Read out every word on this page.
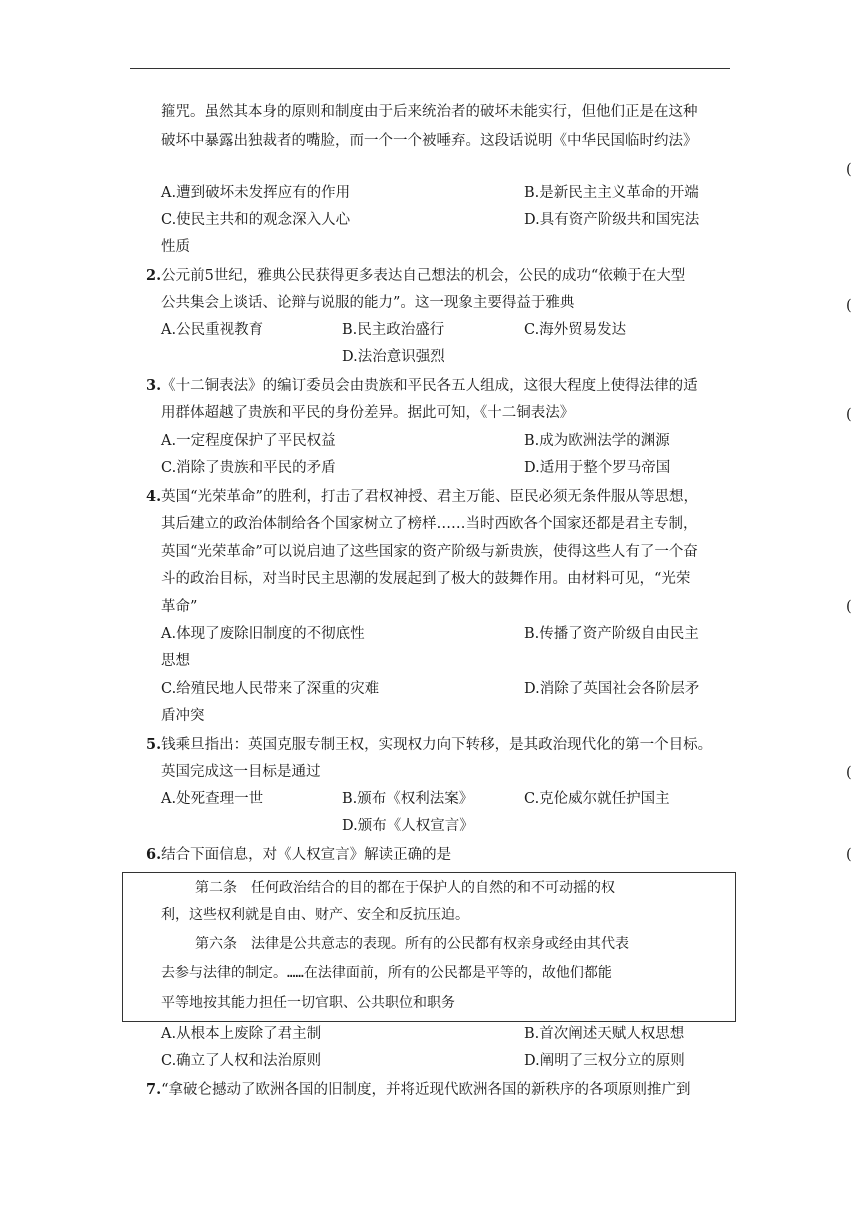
箍咒。虽然其本身的原则和制度由于后来统治者的破坏未能实行，但他们正是在这种
破坏中暴露出独裁者的嘴脸，而一个一个被唾弃。这段话说明《中华民国临时约法》
(
A.遭到破坏未发挥应有的作用	B.是新民主主义革命的开端
C.使民主共和的观念深入人心	D.具有资产阶级共和国宪法
性质
2.公元前5世纪，雅典公民获得更多表达自己想法的机会，公民的成功“依赖于在大型
公共集会上谈话、论辩与说服的能力”。这一现象主要得益于雅典	(
A.公民重视教育	B.民主政治盛行	C.海外贸易发达
D.法治意识强烈
3.《十二铜表法》的编订委员会由贵族和平民各五人组成，这很大程度上使得法律的适
用群体超越了贵族和平民的身份差异。据此可知，《十二铜表法》	(
A.一定程度保护了平民权益	B.成为欧洲法学的渊源
C.消除了贵族和平民的矛盾	D.适用于整个罗马帝国
4.英国“光荣革命”的胜利，打击了君权神授、君主万能、臣民必须无条件服从等思想，
其后建立的政治体制给各个国家树立了榜样……当时西欧各个国家还都是君主专制，
英国“光荣革命”可以说启迪了这些国家的资产阶级与新贵族，使得这些人有了一个奋
斗的政治目标，对当时民主思潮的发展起到了极大的鼓舞作用。由材料可见，“光荣
革命”	(
A.体现了废除旧制度的不彻底性	B.传播了资产阶级自由民主
思想
C.给殖民地人民带来了深重的灾难	D.消除了英国社会各阶层矛
盾冲突
5.钱乘旦指出：英国克服专制王权，实现权力向下转移，是其政治现代化的第一个目标。
英国完成这一目标是通过	(
A.处死查理一世	B.颁布《权利法案》	C.克伦威尔就任护国主
D.颁布《人权宣言》
6.结合下面信息，对《人权宣言》解读正确的是	(
第二条　任何政治结合的目的都在于保护人的自然的和不可动摇的权
利，这些权利就是自由、财产、安全和反抗压迫。
第六条　法律是公共意志的表现。所有的公民都有权亲身或经由其代表
去参与法律的制定。……在法律面前，所有的公民都是平等的，故他们都能
平等地按其能力担任一切官职、公共职位和职务
A.从根本上废除了君主制	B.首次阐述天赋人权思想
C.确立了人权和法治原则	D.阐明了三权分立的原则
7.“拿破仑撼动了欧洲各国的旧制度，并将近现代欧洲各国的新秩序的各项原则推广到
